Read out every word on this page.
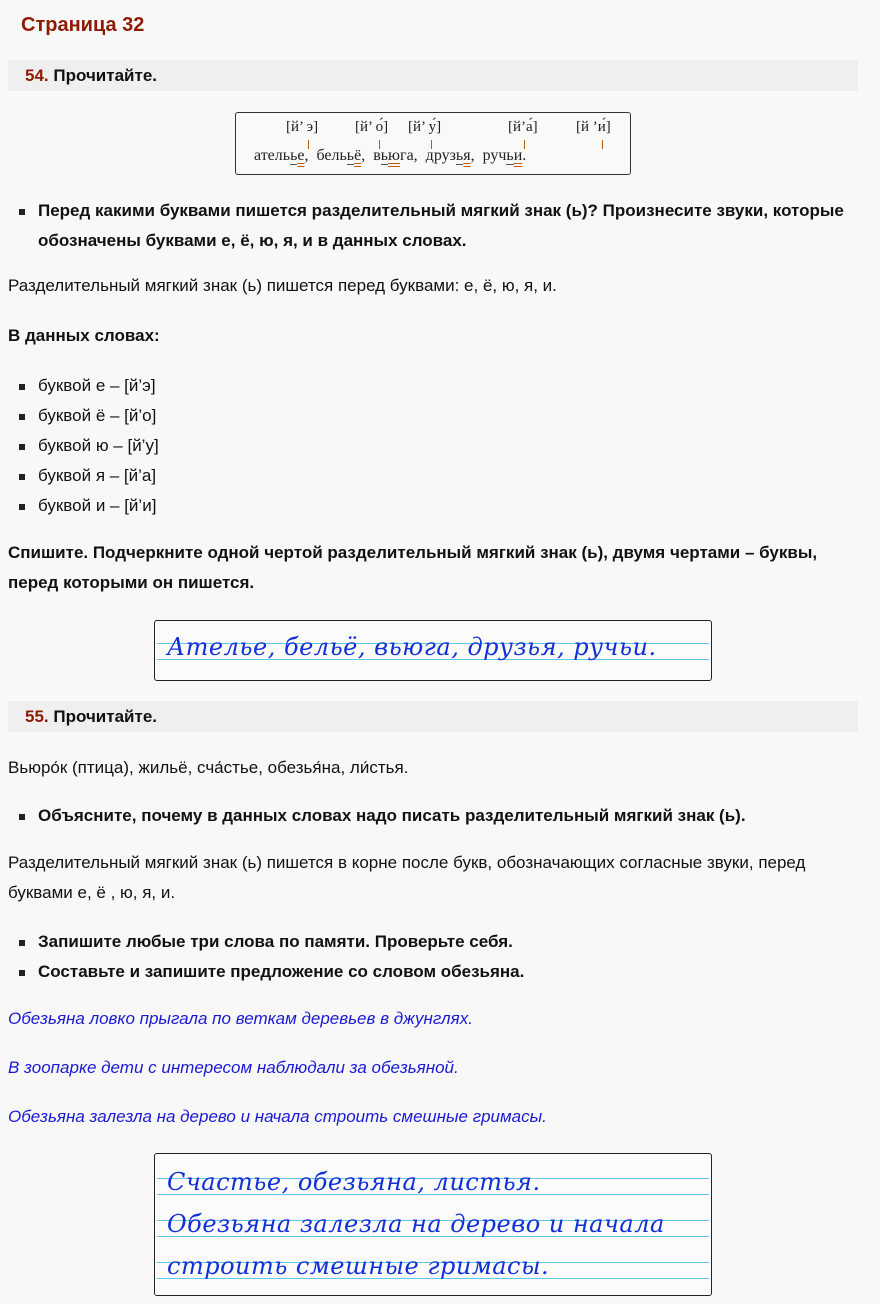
Страница 32
54. Прочитайте.
[й’ э] [й’ о́] [й’ у́]	[й’а́]	[й ’и́]
ательье, белььё, вьюга, друзья, ручьи.
Перед какими буквами пишется разделительный мягкий знак (ь)? Произнесите звуки, которые обозначены буквами е, ё, ю, я, и в данных словах.

Разделительный мягкий знак (ь) пишется перед буквами: е, ё, ю, я, и.

В данных словах:

буквой е – [й’э]
буквой ё – [й’о]
буквой ю – [й’у]
буквой я – [й’а]
буквой и – [й’и]

Спишите. Подчеркните одной чертой разделительный мягкий знак (ь), двумя чертами – буквы, перед которыми он пишется.

Ателье, бельё, вьюга, друзья, ручьи.
55. Прочитайте.

Вьюро́к (птица), жильё, сча́стье, обезья́на, ли́стья.

Объясните, почему в данных словах надо писать разделительный мягкий знак (ь).

Разделительный мягкий знак (ь) пишется в корне после букв, обозначающих согласные звуки, перед буквами е, ё , ю, я, и.

Запишите любые три слова по памяти. Проверьте себя.
Составьте и запишите предложение со словом обезьяна.

Обезьяна ловко прыгала по веткам деревьев в джунглях.

В зоопарке дети с интересом наблюдали за обезьяной.

Обезьяна залезла на дерево и начала строить смешные гримасы.

Счастье, обезьяна, листья.
Обезьяна залезла на дерево и начала
строить смешные гримасы.
